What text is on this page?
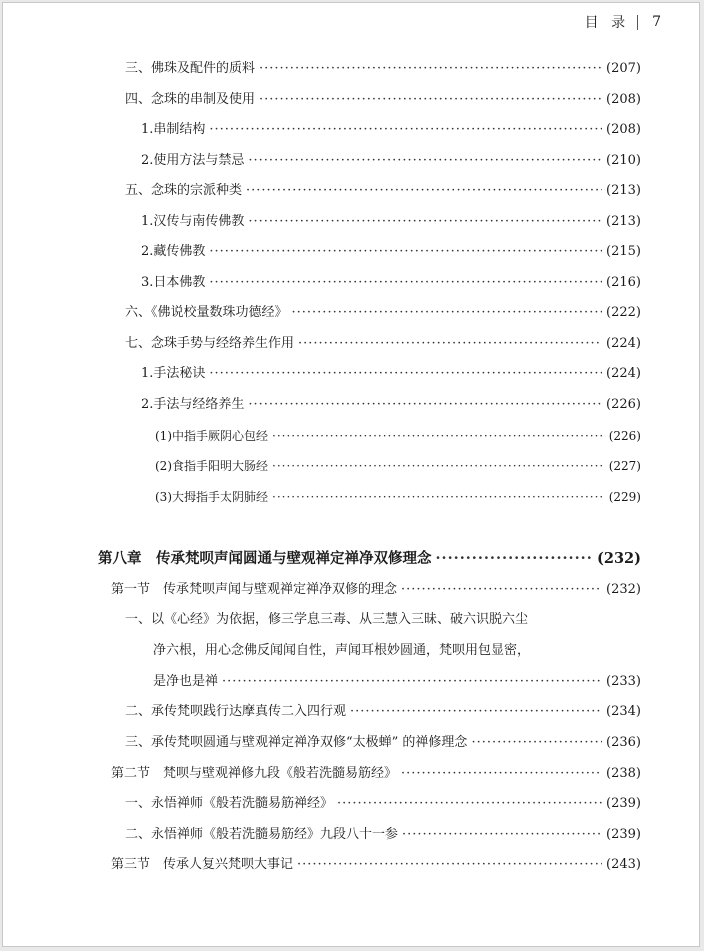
目 录 7
三、佛珠及配件的质料 ·····	(207)
四、念珠的串制及使用 ·····	(208)
1.串制结构 ·····	(208)
2.使用方法与禁忌 ·····	(210)
五、念珠的宗派种类 ·····	(213)
1.汉传与南传佛教 ·····	(213)
2.藏传佛教 ·····	(215)
3.日本佛教 ·····	(216)
六、《佛说校量数珠功德经》 ·····	(222)
七、念珠手势与经络养生作用 ·····	(224)
1.手法秘诀 ·····	(224)
2.手法与经络养生 ·····	(226)
(1)中指手厥阴心包经 ·····	(226)
(2)食指手阳明大肠经 ·····	(227)
(3)大拇指手太阴肺经 ·····	(229)
第八章　传承梵呗声闻圆通与壁观禅定禅净双修理念 ·····	(232)
第一节　传承梵呗声闻与壁观禅定禅净双修的理念 ·····	(232)
一、以《心经》为依据，修三学息三毒、从三慧入三昧、破六识脱六尘
净六根，用心念佛反闻闻自性，声闻耳根妙圆通，梵呗用包显密，
是净也是禅 ·····	(233)
二、承传梵呗践行达摩真传二入四行观 ·····	(234)
三、承传梵呗圆通与壁观禅定禅净双修“太极蝉” 的禅修理念 ·····	(236)
第二节　梵呗与壁观禅修九段《般若洗髓易筋经》 ·····	(238)
一、永悟禅师《般若洗髓易筋禅经》 ·····	(239)
二、永悟禅师《般若洗髓易筋经》九段八十一参 ·····	(239)
第三节　传承人复兴梵呗大事记 ·····	(243)
